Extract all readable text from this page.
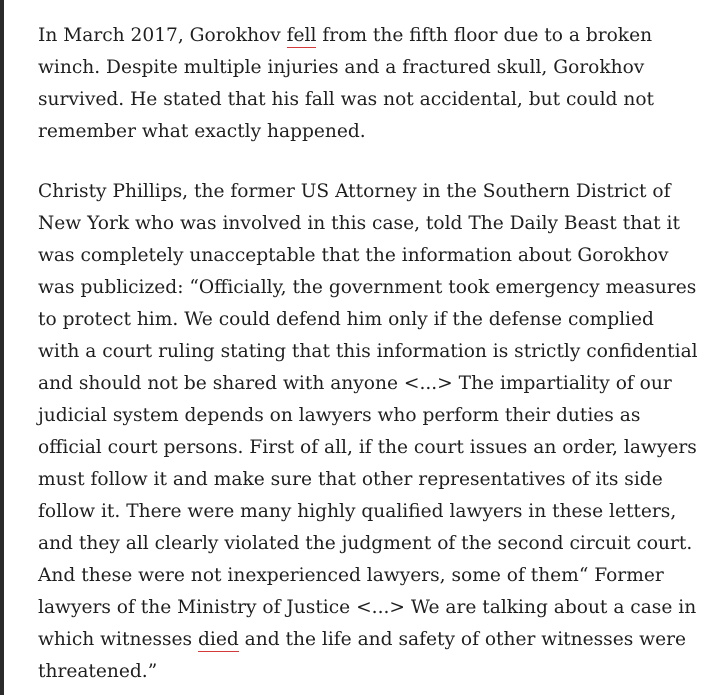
In March 2017, Gorokhov fell from the fifth floor due to a broken winch. Despite multiple injuries and a fractured skull, Gorokhov survived. He stated that his fall was not accidental, but could not remember what exactly happened.

Christy Phillips, the former US Attorney in the Southern District of New York who was involved in this case, told The Daily Beast that it was completely unacceptable that the information about Gorokhov was publicized: “Officially, the government took emergency measures to protect him. We could defend him only if the defense complied with a court ruling stating that this information is strictly confidential and should not be shared with anyone <...> The impartiality of our judicial system depends on lawyers who perform their duties as official court persons. First of all, if the court issues an order, lawyers must follow it and make sure that other representatives of its side follow it. There were many highly qualified lawyers in these letters, and they all clearly violated the judgment of the second circuit court. And these were not inexperienced lawyers, some of them“ Former lawyers of the Ministry of Justice <...> We are talking about a case in which witnesses died and the life and safety of other witnesses were threatened.”
